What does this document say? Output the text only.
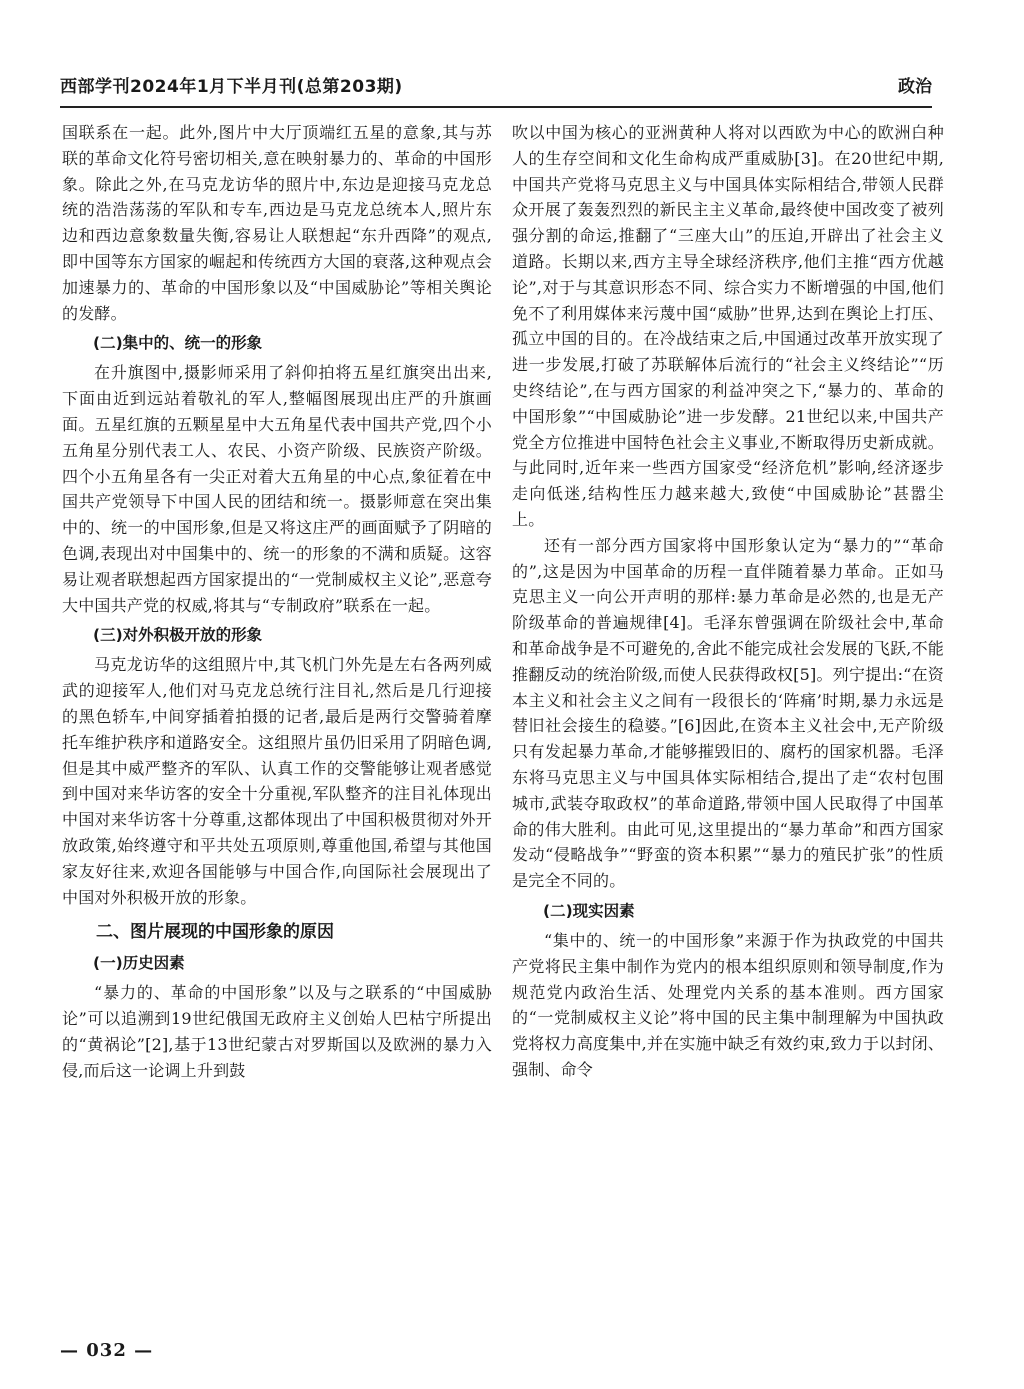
西部学刊2024年1月下半月刊(总第203期)	政治

国联系在一起。此外,图片中大厅顶端红五星的意象,其与苏联的革命文化符号密切相关,意在映射暴力的、革命的中国形象。除此之外,在马克龙访华的照片中,东边是迎接马克龙总统的浩浩荡荡的军队和专车,西边是马克龙总统本人,照片东边和西边意象数量失衡,容易让人联想起“东升西降”的观点,即中国等东方国家的崛起和传统西方大国的衰落,这种观点会加速暴力的、革命的中国形象以及“中国威胁论”等相关舆论的发酵。

(二)集中的、统一的形象

在升旗图中,摄影师采用了斜仰拍将五星红旗突出出来,下面由近到远站着敬礼的军人,整幅图展现出庄严的升旗画面。五星红旗的五颗星星中大五角星代表中国共产党,四个小五角星分别代表工人、农民、小资产阶级、民族资产阶级。四个小五角星各有一尖正对着大五角星的中心点,象征着在中国共产党领导下中国人民的团结和统一。摄影师意在突出集中的、统一的中国形象,但是又将这庄严的画面赋予了阴暗的色调,表现出对中国集中的、统一的形象的不满和质疑。这容易让观者联想起西方国家提出的“一党制威权主义论”,恶意夸大中国共产党的权威,将其与“专制政府”联系在一起。

(三)对外积极开放的形象

马克龙访华的这组照片中,其飞机门外先是左右各两列威武的迎接军人,他们对马克龙总统行注目礼,然后是几行迎接的黑色轿车,中间穿插着拍摄的记者,最后是两行交警骑着摩托车维护秩序和道路安全。这组照片虽仍旧采用了阴暗色调,但是其中威严整齐的军队、认真工作的交警能够让观者感觉到中国对来华访客的安全十分重视,军队整齐的注目礼体现出中国对来华访客十分尊重,这都体现出了中国积极贯彻对外开放政策,始终遵守和平共处五项原则,尊重他国,希望与其他国家友好往来,欢迎各国能够与中国合作,向国际社会展现出了中国对外积极开放的形象。

二、图片展现的中国形象的原因
(一)历史因素

“暴力的、革命的中国形象”以及与之联系的“中国威胁论”可以追溯到19世纪俄国无政府主义创始人巴枯宁所提出的“黄祸论”[2],基于13世纪蒙古对罗斯国以及欧洲的暴力入侵,而后这一论调上升到鼓

吹以中国为核心的亚洲黄种人将对以西欧为中心的欧洲白种人的生存空间和文化生命构成严重威胁[3]。在20世纪中期,中国共产党将马克思主义与中国具体实际相结合,带领人民群众开展了轰轰烈烈的新民主主义革命,最终使中国改变了被列强分割的命运,推翻了“三座大山”的压迫,开辟出了社会主义道路。长期以来,西方主导全球经济秩序,他们主推“西方优越论”,对于与其意识形态不同、综合实力不断增强的中国,他们免不了利用媒体来污蔑中国“威胁”世界,达到在舆论上打压、孤立中国的目的。在冷战结束之后,中国通过改革开放实现了进一步发展,打破了苏联解体后流行的“社会主义终结论”“历史终结论”,在与西方国家的利益冲突之下,“暴力的、革命的中国形象”“中国威胁论”进一步发酵。21世纪以来,中国共产党全方位推进中国特色社会主义事业,不断取得历史新成就。与此同时,近年来一些西方国家受“经济危机”影响,经济逐步走向低迷,结构性压力越来越大,致使“中国威胁论”甚嚣尘上。

还有一部分西方国家将中国形象认定为“暴力的”“革命的”,这是因为中国革命的历程一直伴随着暴力革命。正如马克思主义一向公开声明的那样:暴力革命是必然的,也是无产阶级革命的普遍规律[4]。毛泽东曾强调在阶级社会中,革命和革命战争是不可避免的,舍此不能完成社会发展的飞跃,不能推翻反动的统治阶级,而使人民获得政权[5]。列宁提出:“在资本主义和社会主义之间有一段很长的‘阵痛’时期,暴力永远是替旧社会接生的稳婆。”[6]因此,在资本主义社会中,无产阶级只有发起暴力革命,才能够摧毁旧的、腐朽的国家机器。毛泽东将马克思主义与中国具体实际相结合,提出了走“农村包围城市,武装夺取政权”的革命道路,带领中国人民取得了中国革命的伟大胜利。由此可见,这里提出的“暴力革命”和西方国家发动“侵略战争”“野蛮的资本积累”“暴力的殖民扩张”的性质是完全不同的。

(二)现实因素

“集中的、统一的中国形象”来源于作为执政党的中国共产党将民主集中制作为党内的根本组织原则和领导制度,作为规范党内政治生活、处理党内关系的基本准则。西方国家的“一党制威权主义论”将中国的民主集中制理解为中国执政党将权力高度集中,并在实施中缺乏有效约束,致力于以封闭、强制、命令

— 032 —
